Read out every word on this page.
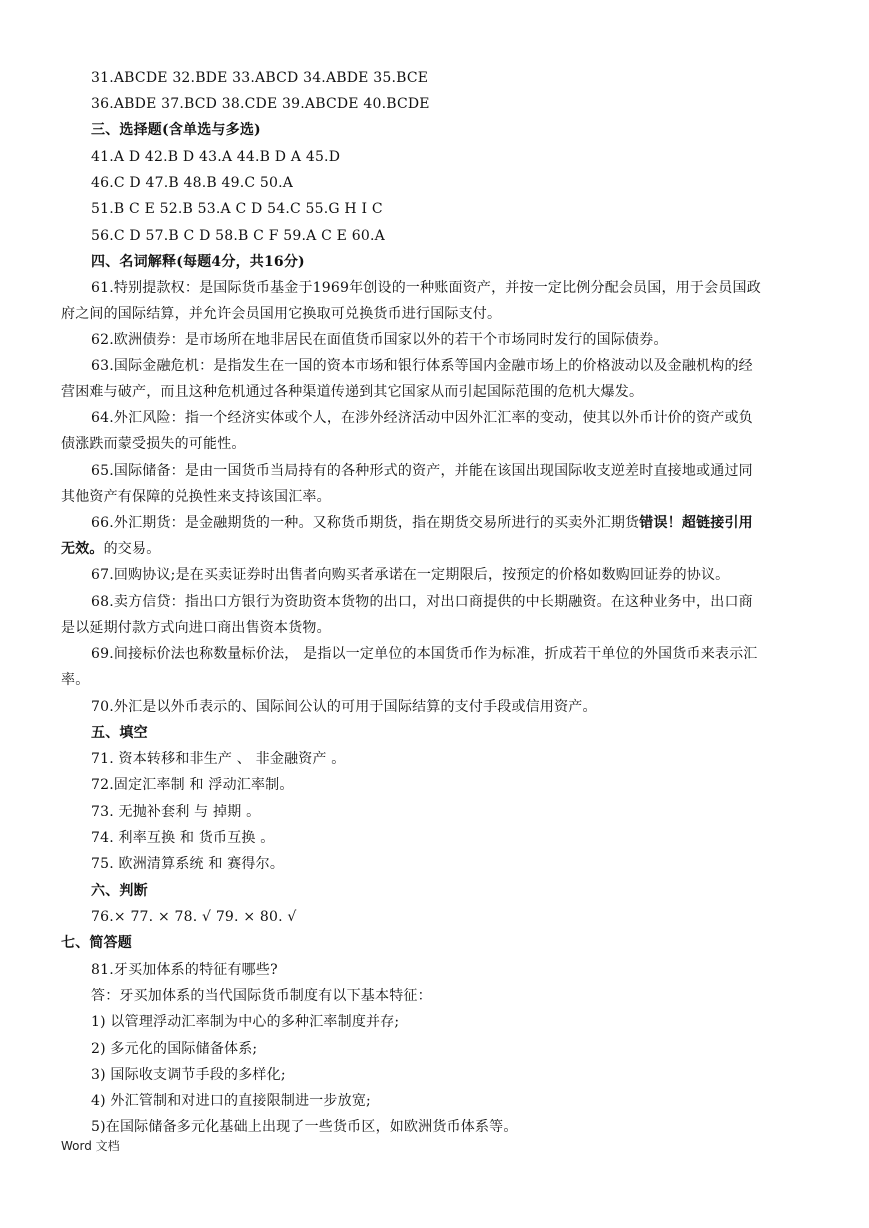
31.ABCDE 32.BDE 33.ABCD 34.ABDE 35.BCE
36.ABDE 37.BCD 38.CDE 39.ABCDE 40.BCDE
三、选择题(含单选与多选)
41.A D 42.B D 43.A 44.B D A 45.D
46.C D 47.B 48.B 49.C 50.A
51.B C E 52.B 53.A C D 54.C 55.G H I C
56.C D 57.B C D 58.B C F 59.A C E 60.A
四、名词解释(每题4分，共16分)
61.特别提款权：是国际货币基金于1969年创设的一种账面资产，并按一定比例分配会员国，用于会员国政
府之间的国际结算，并允许会员国用它换取可兑换货币进行国际支付。
62.欧洲债券：是市场所在地非居民在面值货币国家以外的若干个市场同时发行的国际债券。
63.国际金融危机：是指发生在一国的资本市场和银行体系等国内金融市场上的价格波动以及金融机构的经
营困难与破产，而且这种危机通过各种渠道传递到其它国家从而引起国际范围的危机大爆发。
64.外汇风险：指一个经济实体或个人，在涉外经济活动中因外汇汇率的变动，使其以外币计价的资产或负
债涨跌而蒙受损失的可能性。
65.国际储备：是由一国货币当局持有的各种形式的资产，并能在该国出现国际收支逆差时直接地或通过同
其他资产有保障的兑换性来支持该国汇率。
66.外汇期货：是金融期货的一种。又称货币期货，指在期货交易所进行的买卖外汇期货错误！超链接引用
无效。的交易。
67.回购协议;是在买卖证券时出售者向购买者承诺在一定期限后，按预定的价格如数购回证券的协议。
68.卖方信贷：指出口方银行为资助资本货物的出口，对出口商提供的中长期融资。在这种业务中，出口商
是以延期付款方式向进口商出售资本货物。
69.间接标价法也称数量标价法， 是指以一定单位的本国货币作为标准，折成若干单位的外国货币来表示汇
率。
70.外汇是以外币表示的、国际间公认的可用于国际结算的支付手段或信用资产。
五、填空
71. 资本转移和非生产 、 非金融资产 。
72.固定汇率制 和 浮动汇率制。
73. 无抛补套利 与 掉期 。
74. 利率互换 和 货币互换 。
75. 欧洲清算系统 和 赛得尔。
六、判断
76.× 77. × 78. √ 79. × 80. √
七、简答题
81.牙买加体系的特征有哪些?
答：牙买加体系的当代国际货币制度有以下基本特征：
1) 以管理浮动汇率制为中心的多种汇率制度并存;
2) 多元化的国际储备体系;
3) 国际收支调节手段的多样化;
4) 外汇管制和对进口的直接限制进一步放宽;
5)在国际储备多元化基础上出现了一些货币区，如欧洲货币体系等。
Word 文档
